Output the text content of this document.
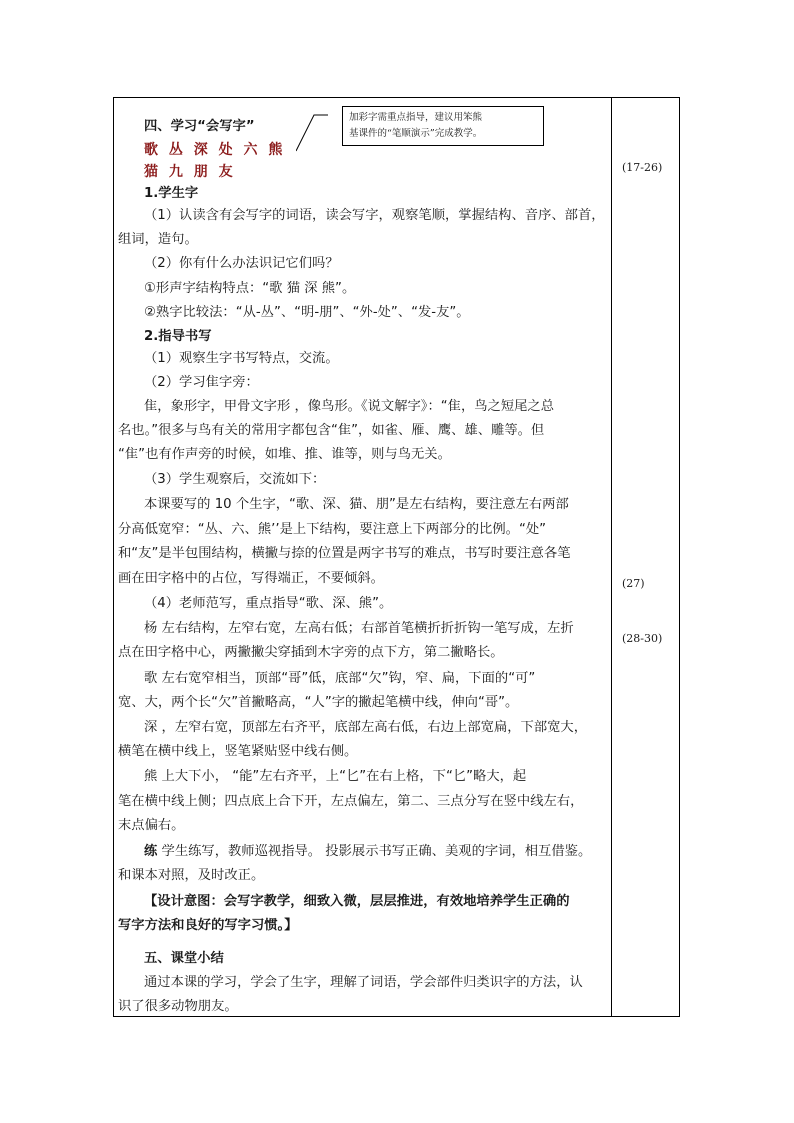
加彩字需重点指导，建议用笨熊
基课件的“笔顺演示”完成教学。
(17-26)
(27)
(28-30)
四、学习“会写字”
歌 丛 深 处 六 熊
猫 九 朋 友
1.学生字
（1）认读含有会写字的词语，读会写字，观察笔顺，掌握结构、音序、部首，
组词，造句。
（2）你有什么办法识记它们吗？
①形声字结构特点：“歌 猫 深 熊”。
②熟字比较法：“从-丛”、“明-朋”、“外-处”、“发-友”。
2.指导书写
（1）观察生字书写特点，交流。
（2）学习隹字旁：
隹，象形字，甲骨文字形 ，像鸟形。《说文解字》：“隹，鸟之短尾之总
名也。”很多与鸟有关的常用字都包含“隹”，如雀、雁、鹰、雄、雕等。但
“隹”也有作声旁的时候，如堆、推、谁等，则与鸟无关。
（3）学生观察后，交流如下：
本课要写的 10 个生字，“歌、深、猫、朋”是左右结构，要注意左右两部
分高低宽窄：“丛、六、熊’’是上下结构，要注意上下两部分的比例。“处”
和“友”是半包围结构，横撇与捺的位置是两字书写的难点，书写时要注意各笔
画在田字格中的占位，写得端正，不要倾斜。
（4）老师范写，重点指导“歌、深、熊”。
杨 左右结构，左窄右宽，左高右低；右部首笔横折折折钩一笔写成，左折
点在田字格中心，两撇撇尖穿插到木字旁的点下方，第二撇略长。
歌 左右宽窄相当，顶部“哥”低，底部“欠”钩，窄、扁，下面的“可”
宽、大，两个长“欠”首撇略高，“人”字的撇起笔横中线，伸向“哥”。
深 ，左窄右宽，顶部左右齐平，底部左高右低，右边上部宽扁，下部宽大，
横笔在横中线上，竖笔紧贴竖中线右侧。
熊 上大下小， “能”左右齐平，上“匕”在右上格，下“匕”略大，起
笔在横中线上侧；四点底上合下开，左点偏左，第二、三点分写在竖中线左右，
末点偏右。
练 学生练写，教师巡视指导。 投影展示书写正确、美观的字词，相互借鉴。
和课本对照，及时改正。
【设计意图：会写字教学，细致入微，层层推进，有效地培养学生正确的
写字方法和良好的写字习惯。】
五、课堂小结
通过本课的学习，学会了生字，理解了词语，学会部件归类识字的方法，认
识了很多动物朋友。
